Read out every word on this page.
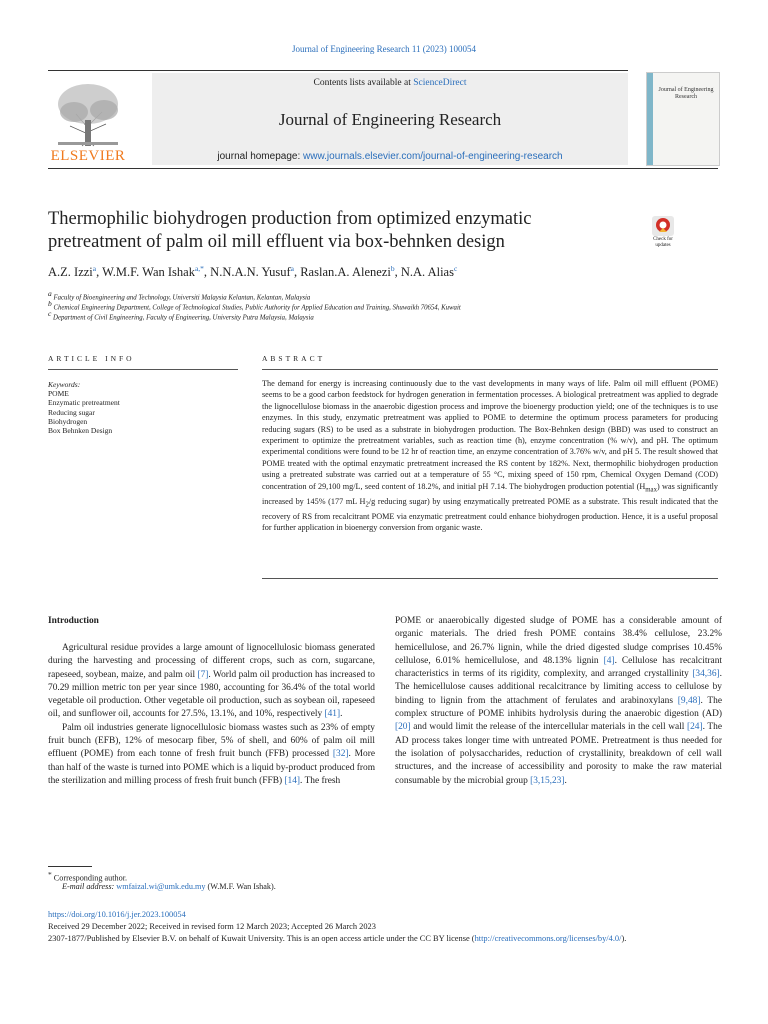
Journal of Engineering Research 11 (2023) 100054
ELSEVIER
Contents lists available at ScienceDirect
Journal of Engineering Research
journal homepage: www.journals.elsevier.com/journal-of-engineering-research
Journal of Engineering Research
Thermophilic biohydrogen production from optimized enzymatic
pretreatment of palm oil mill effluent via box-behnken design	Check for updates
A.Z. Izzi$^a$, W.M.F. Wan Ishak$^{a,*}$, N.N.A.N. Yusuf$^a$, Raslan.A. Alenezi$^b$, N.A. Alias$^c$
$^a$ Faculty of Bioengineering and Technology, Universiti Malaysia Kelantan, Kelantan, Malaysia
$^b$ Chemical Engineering Department, College of Technological Studies, Public Authority for Applied Education and Training, Shuwaikh 70654, Kuwait
$^c$ Department of Civil Engineering, Faculty of Engineering, University Putra Malaysia, Malaysia
ARTICLE INFO
Keywords:
POME
Enzymatic pretreatment
Reducing sugar
Biohydrogen
Box Behnken Design
ABSTRACT
The demand for energy is increasing continuously due to the vast developments in many ways of life. Palm oil mill effluent (POME) seems to be a good carbon feedstock for hydrogen generation in fermentation processes. A biological pretreatment was applied to degrade the lignocellulose biomass in the anaerobic digestion process and improve the bioenergy production yield; one of the techniques is to use enzymes. In this study, enzymatic pretreatment was applied to POME to determine the optimum process parameters for producing reducing sugars (RS) to be used as a substrate in biohydrogen production. The Box-Behnken design (BBD) was used to construct an experiment to optimize the pretreatment variables, such as reaction time (h), enzyme concentration (% w/v), and pH. The optimum experimental conditions were found to be 12 hr of reaction time, an enzyme concentration of 3.76% w/v, and pH 5. The result showed that POME treated with the optimal enzymatic pretreatment increased the RS content by 182%. Next, thermophilic biohydrogen production using a pretreated substrate was carried out at a temperature of 55 °C, mixing speed of 150 rpm, Chemical Oxygen Demand (COD) concentration of 29,100 mg/L, seed content of 18.2%, and initial pH 7.14. The biohydrogen production potential $(H_{max})$ was significantly increased by 145% (177 mL $H_2/g$ reducing sugar) by using enzymatically pretreated POME as a substrate. This result indicated that the recovery of RS from recalcitrant POME via enzymatic pretreatment could enhance biohydrogen production. Hence, it is a useful proposal for further application in bioenergy conversion from organic waste.
Introduction

Agricultural residue provides a large amount of lignocellulosic biomass generated during the harvesting and processing of different crops, such as corn, sugarcane, rapeseed, soybean, maize, and palm oil [7]. World palm oil production has increased to 70.29 million metric ton per year since 1980, accounting for 36.4% of the total world vegetable oil production. Other vegetable oil production, such as soybean oil, rapeseed oil, and sunflower oil, accounts for 27.5%, 13.1%, and 10%, respectively [41].

Palm oil industries generate lignocellulosic biomass wastes such as 23% of empty fruit bunch (EFB), 12% of mesocarp fiber, 5% of shell, and 60% of palm oil mill effluent (POME) from each tonne of fresh fruit bunch (FFB) processed [32]. More than half of the waste is turned into POME which is a liquid by-product produced from the sterilization and milling process of fresh fruit bunch (FFB) [14]. The fresh

POME or anaerobically digested sludge of POME has a considerable amount of organic materials. The dried fresh POME contains 38.4% cellulose, 23.2% hemicellulose, and 26.7% lignin, while the dried digested sludge comprises 10.45% cellulose, 6.01% hemicellulose, and 48.13% lignin [4]. Cellulose has recalcitrant characteristics in terms of its rigidity, complexity, and arranged crystallinity [34,36]. The hemicellulose causes additional recalcitrance by limiting access to cellulose by binding to lignin from the attachment of ferulates and arabinoxylans [9,48]. The complex structure of POME inhibits hydrolysis during the anaerobic digestion (AD) [20] and would limit the release of the intercellular materials in the cell wall [24]. The AD process takes longer time with untreated POME. Pretreatment is thus needed for the isolation of polysaccharides, reduction of crystallinity, breakdown of cell wall structures, and the increase of accessibility and porosity to make the raw material consumable by the microbial group [3,15,23].

* Corresponding author.
E-mail address: wmfaizal.wi@umk.edu.my (W.M.F. Wan Ishak).
https://doi.org/10.1016/j.jer.2023.100054
Received 29 December 2022; Received in revised form 12 March 2023; Accepted 26 March 2023
2307-1877/Published by Elsevier B.V. on behalf of Kuwait University. This is an open access article under the CC BY license (http://creativecommons.org/licenses/by/4.0/).
